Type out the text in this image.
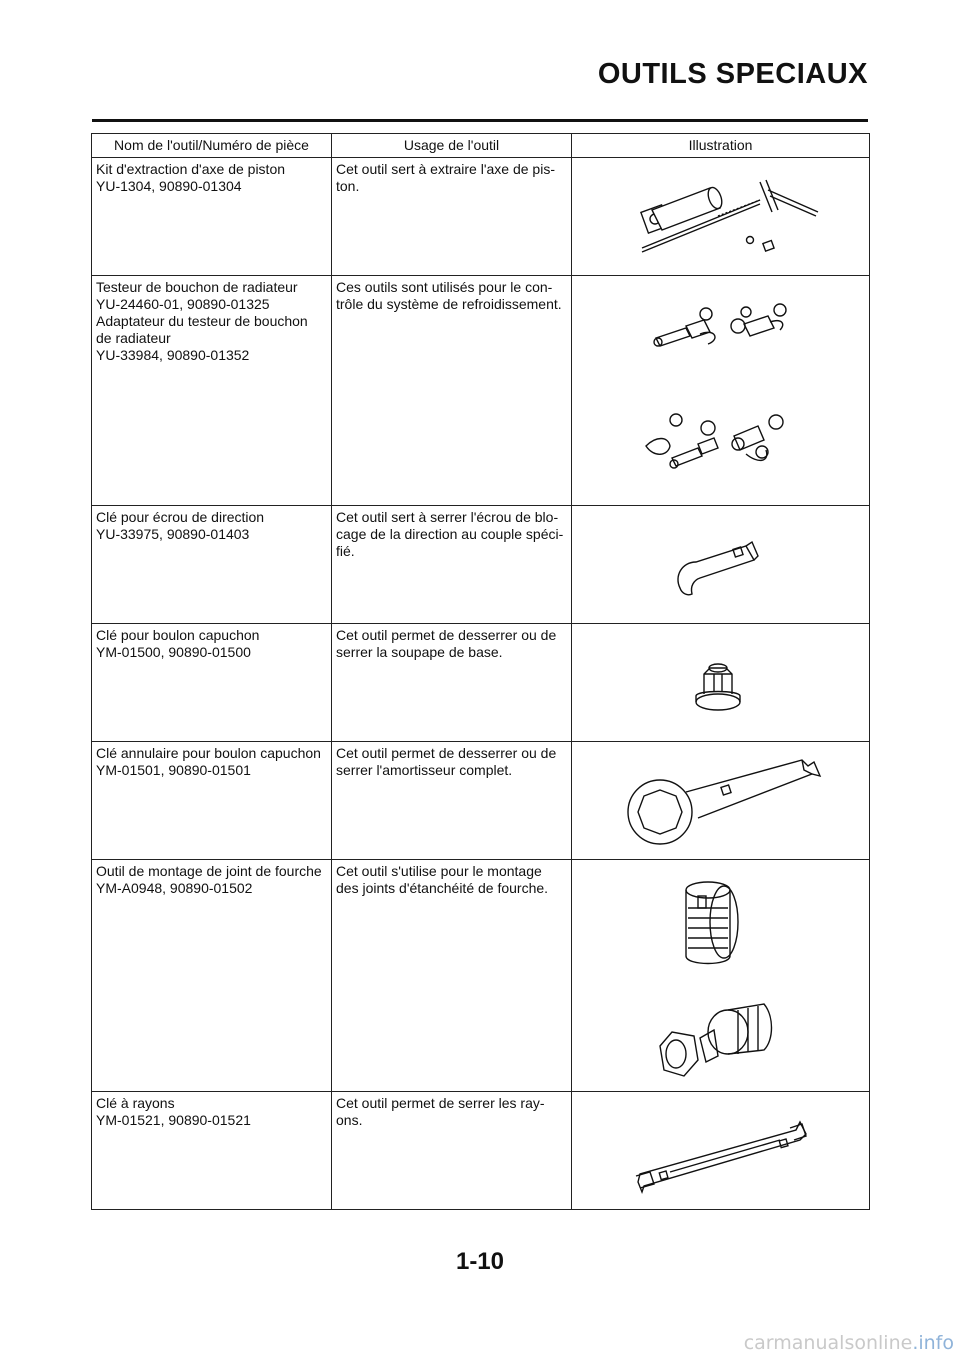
OUTILS SPECIAUX
Nom de l'outil/Numéro de pièce	Usage de l'outil	Illustration

Kit d'extraction d'axe de piston
YU-1304, 90890-01304	Cet outil sert à extraire l'axe de pis-
ton.

Testeur de bouchon de radiateur
YU-24460-01, 90890-01325
Adaptateur du testeur de bouchon
de radiateur
YU-33984, 90890-01352	Ces outils sont utilisés pour le con-
trôle du système de refroidissement.

Clé pour écrou de direction
YU-33975, 90890-01403	Cet outil sert à serrer l'écrou de blo-
cage de la direction au couple spéci-
fié.

Clé pour boulon capuchon
YM-01500, 90890-01500	Cet outil permet de desserrer ou de
serrer la soupape de base.

Clé annulaire pour boulon capuchon
YM-01501, 90890-01501	Cet outil permet de desserrer ou de
serrer l'amortisseur complet.

Outil de montage de joint de fourche
YM-A0948, 90890-01502	Cet outil s'utilise pour le montage
des joints d'étanchéité de fourche.

Clé à rayons
YM-01521, 90890-01521	Cet outil permet de serrer les ray-
ons.

1-10
carmanualsonline.info
